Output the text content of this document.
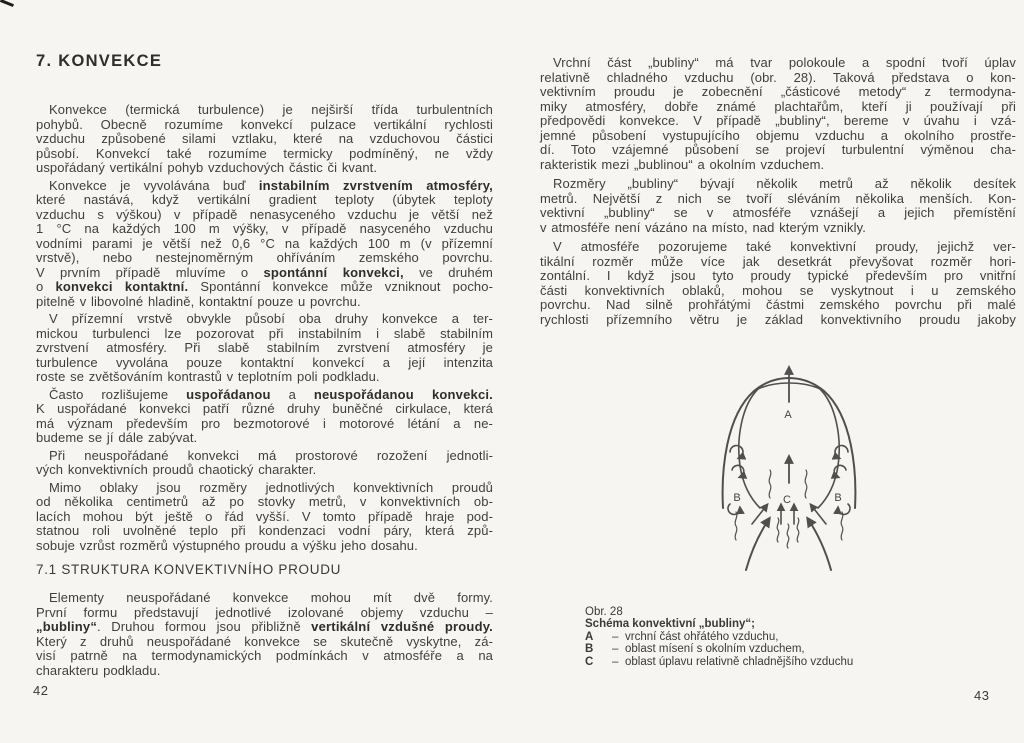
7. KONVEKCE
Konvekce (termická turbulence) je nejširší třída turbulentních
pohybů. Obecně rozumíme konvekcí pulzace vertikální rychlosti
vzduchu způsobené silami vztlaku, které na vzduchovou částici
působí. Konvekcí také rozumíme termicky podmíněný, ne vždy
uspořádaný vertikální pohyb vzduchových částic či kvant.
Konvekce je vyvolávána buď instabilním zvrstvením atmosféry,
které nastává, když vertikální gradient teploty (úbytek teploty
vzduchu s výškou) v případě nenasyceného vzduchu je větší než
1 °C na každých 100 m výšky, v případě nasyceného vzduchu
vodními parami je větší než 0,6 °C na každých 100 m (v přízemní
vrstvě), nebo nestejnoměrným ohříváním zemského povrchu.
V prvním případě mluvíme o spontánní konvekci, ve druhém
o konvekci kontaktní. Spontánní konvekce může vzniknout pocho-
pitelně v libovolné hladině, kontaktní pouze u povrchu.
V přízemní vrstvě obvykle působí oba druhy konvekce a ter-
mickou turbulenci lze pozorovat při instabilním i slabě stabilním
zvrstvení atmosféry. Při slabě stabilním zvrstvení atmosféry je
turbulence vyvolána pouze kontaktní konvekcí a její intenzita
roste se zvětšováním kontrastů v teplotním poli podkladu.
Často rozlišujeme uspořádanou a neuspořádanou konvekci.
K uspořádané konvekci patří různé druhy buněčné cirkulace, která
má význam především pro bezmotorové i motorové létání a ne-
budeme se jí dále zabývat.
Při neuspořádané konvekci má prostorové rozožení jednotli-
vých konvektivních proudů chaotický charakter.
Mimo oblaky jsou rozměry jednotlivých konvektivních proudů
od několika centimetrů až po stovky metrů, v konvektivních ob-
lacích mohou být ještě o řád vyšší. V tomto případě hraje pod-
statnou roli uvolněné teplo při kondenzaci vodní páry, která způ-
sobuje vzrůst rozměrů výstupného proudu a výšku jeho dosahu.
7.1 STRUKTURA KONVEKTIVNÍHO PROUDU
Elementy neuspořádané konvekce mohou mít dvě formy.
První formu představují jednotlivé izolované objemy vzduchu –
„bubliny“. Druhou formou jsou přibližně vertikální vzdušné proudy.
Který z druhů neuspořádané konvekce se skutečně vyskytne, zá-
visí patrně na termodynamických podmínkách v atmosféře a na
charakteru podkladu.
Vrchní část „bubliny“ má tvar polokoule a spodní tvoří úplav
relativně chladného vzduchu (obr. 28). Taková představa o kon-
vektivním proudu je zobecnění „částicové metody“ z termodyna-
miky atmosféry, dobře známé plachtařům, kteří ji používají při
předpovědi konvekce. V případě „bubliny“, bereme v úvahu i vzá-
jemné působení vystupujícího objemu vzduchu a okolního prostře-
dí. Toto vzájemné působení se projeví turbulentní výměnou cha-
rakteristik mezi „bublinou“ a okolním vzduchem.
Rozměry „bubliny“ bývají několik metrů až několik desítek
metrů. Největší z nich se tvoří sléváním několika menších. Kon-
vektivní „bubliny“ se v atmosféře vznášejí a jejich přemístění
v atmosféře není vázáno na místo, nad kterým vznikly.
V atmosféře pozorujeme také konvektivní proudy, jejichž ver-
tikální rozměr může více jak desetkrát převyšovat rozměr hori-
zontální. I když jsou tyto proudy typické především pro vnitřní
části konvektivních oblaků, mohou se vyskytnout i u zemského
povrchu. Nad silně prohřátými částmi zemského povrchu při malé
rychlosti přízemního větru je základ konvektivního proudu jakoby
A
B	B
C
Obr. 28
Schéma konvektivní „bubliny“;
A	– vrchní část ohřátého vzduchu,
B	– oblast mísení s okolním vzduchem,
C	– oblast úplavu relativně chladnějšího vzduchu
42	43
